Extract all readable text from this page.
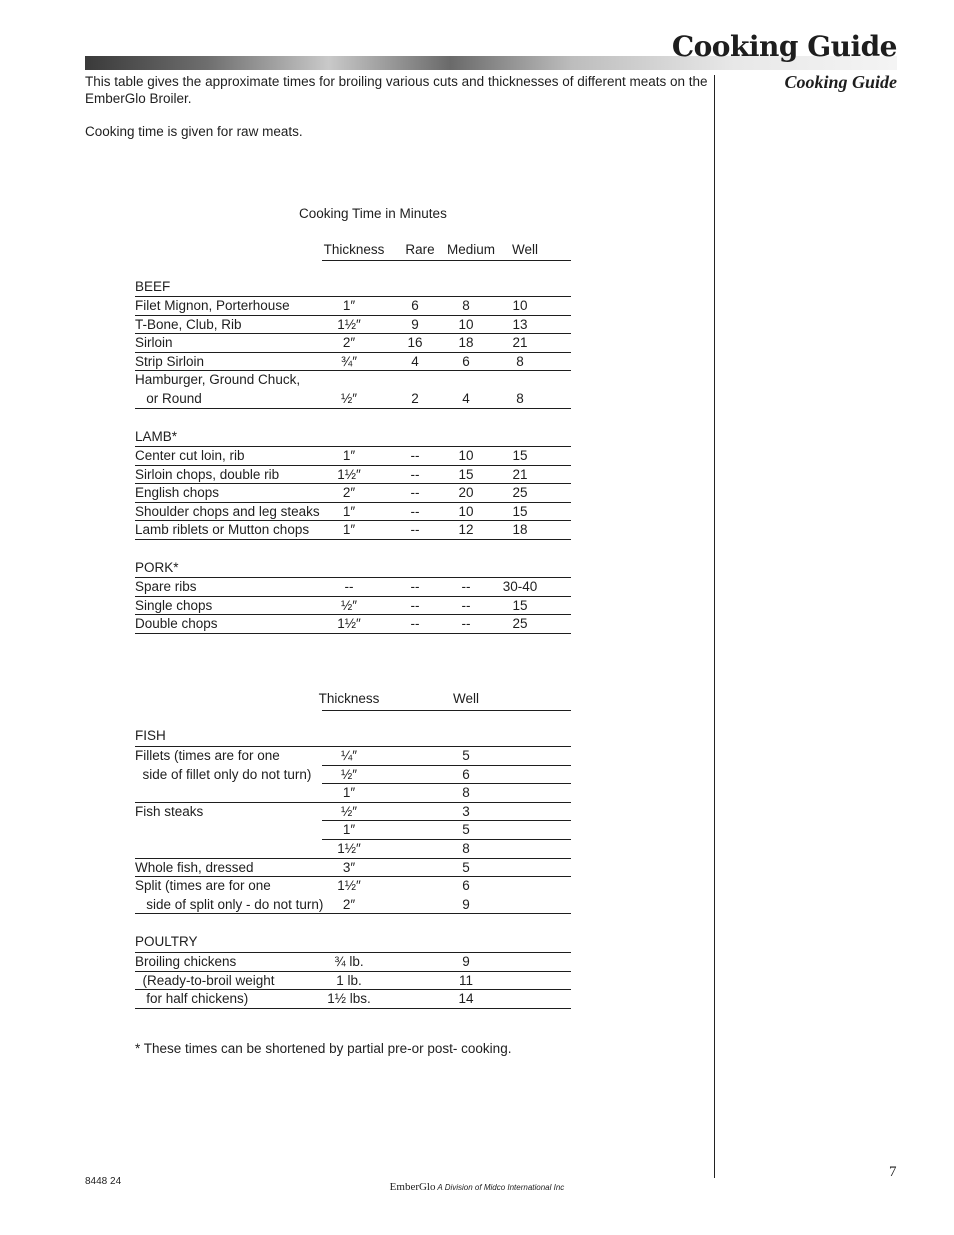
Cooking Guide
Cooking Guide

This table gives the approximate times for broiling various cuts and thicknesses of different meats on the EmberGlo Broiler.

Cooking time is given for raw meats.

Cooking Time in Minutes
Thickness	Rare Medium	Well
BEEF
Filet Mignon, Porterhouse	1″	6	8	10
T-Bone, Club, Rib	1½″	9	10	13
Sirloin	2″	16	18	21
Strip Sirloin	¾″	4	6	8
Hamburger, Ground Chuck,
or Round	½″	2	4	8
LAMB*
Center cut loin, rib	1″	--	10	15
Sirloin chops, double rib	1½″	--	15	21
English chops	2″	--	20	25
Shoulder chops and leg steaks	1″	--	10	15
Lamb riblets or Mutton chops	1″	--	12	18
PORK*
Spare ribs	--	--	--	30-40
Single chops	½″	--	--	15
Double chops	1½″	--	--	25
Thickness	Well
FISH
Fillets (times are for one	¼″	5
side of fillet only do not turn)	½″	6
1″	8
Fish steaks	½″	3
1″	5
1½″	8
Whole fish, dressed	3″	5
Split (times are for one	1½″	6
side of split only - do not turn)	2″	9
POULTRY
Broiling chickens	¾ lb.	9
(Ready-to-broil weight	1 lb.	11
for half chickens)	1½ lbs.	14
* These times can be shortened by partial pre-or post- cooking.
8448 24	EmberGlo A Division of Midco International Inc
7
